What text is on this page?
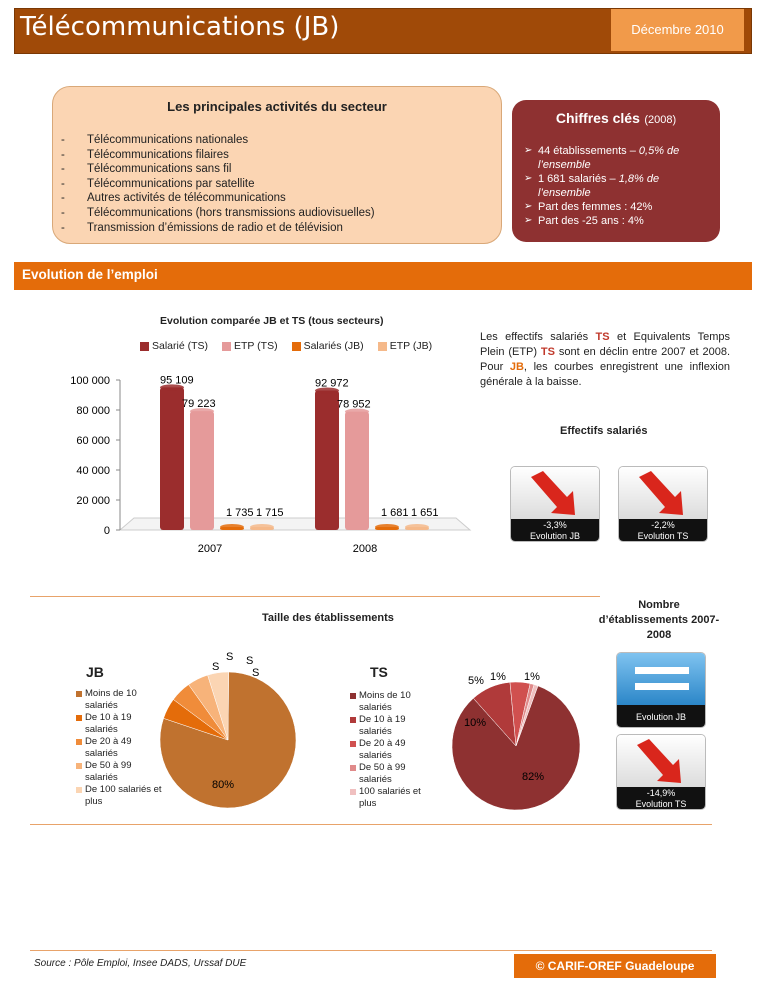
Télécommunications (JB)	Décembre 2010
Les principales activités du secteur
- Télécommunications nationales
- Télécommunications filaires
- Télécommunications sans fil
- Télécommunications par satellite
- Autres activités de télécommunications
- Télécommunications (hors transmissions audiovisuelles)
- Transmission d’émissions de radio et de télévision
Chiffres clés (2008)
➢ 44 établissements – 0,5% de l’ensemble
➢ 1 681 salariés – 1,8% de l’ensemble
➢ Part des femmes : 42%
➢ Part des -25 ans : 4%
Evolution de l’emploi
Evolution comparée JB et TS (tous secteurs)
Salarié (TS) ETP (TS) Salariés (JB) ETP (JB)
0
20 000
40 000
60 000
80 000
100 000	95 109
79 223
1 735 1 715
2007
92 972
78 952
1 681 1 651
2008
Les effectifs salariés TS et Equivalents Temps Plein (ETP) TS sont en déclin entre 2007 et 2008. Pour JB, les courbes enregistrent une inflexion générale à la baisse.
Effectifs salariés
-3,3%
Evolution JB
-2,2%
Evolution TS
Taille des établissements
Nombre d’établissements 2007-2008
JB
Moins de 10 salariés
De 10 à 19 salariés
De 20 à 49 salariés
De 50 à 99 salariés
De 100 salariés et plus
80%
S S
S
S	TS
Moins de 10 salariés
De 10 à 19 salariés
De 20 à 49 salariés
De 50 à 99 salariés
100 salariés et plus
82%
10%
5% 1% 1%
Evolution JB
-14,9%
Evolution TS
Source : Pôle Emploi, Insee DADS, Urssaf DUE	© CARIF-OREF Guadeloupe
